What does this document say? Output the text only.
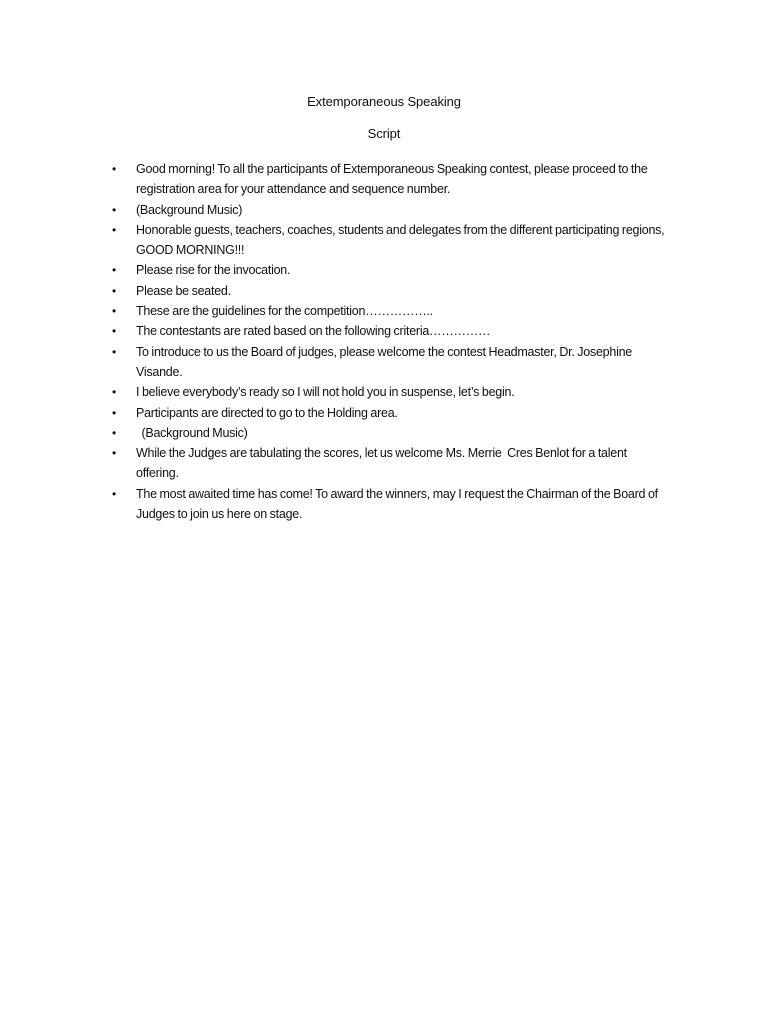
Extemporaneous Speaking
Script
•	Good morning! To all the participants of Extemporaneous Speaking contest, please proceed to the registration area for your attendance and sequence number.
•	(Background Music)
•	Honorable guests, teachers, coaches, students and delegates from the different participating regions, GOOD MORNING!!!
•	Please rise for the invocation.
•	Please be seated.
•	These are the guidelines for the competition……………..
•	The contestants are rated based on the following criteria……………
•	To introduce to us the Board of judges, please welcome the contest Headmaster, Dr. Josephine Visande.
•	I believe everybody’s ready so I will not hold you in suspense, let’s begin.
•	Participants are directed to go to the Holding area.
•	(Background Music)
•	While the Judges are tabulating the scores, let us welcome Ms. Merrie  Cres Benlot for a talent offering.
•	The most awaited time has come! To award the winners, may I request the Chairman of the Board of Judges to join us here on stage.
